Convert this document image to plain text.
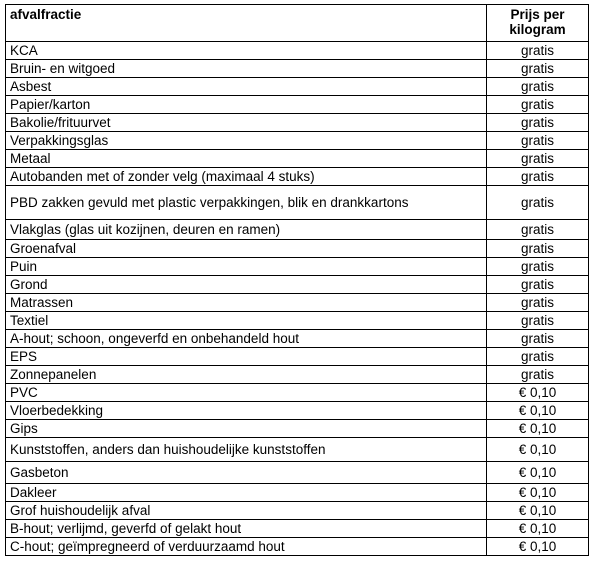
afvalfractie	Prijs per kilogram
KCA	gratis
Bruin- en witgoed	gratis
Asbest	gratis
Papier/karton	gratis
Bakolie/frituurvet	gratis
Verpakkingsglas	gratis
Metaal	gratis
Autobanden met of zonder velg (maximaal 4 stuks)	gratis
PBD zakken gevuld met plastic verpakkingen, blik en drankkartons	gratis
Vlakglas (glas uit kozijnen, deuren en ramen)	gratis
Groenafval	gratis
Puin	gratis
Grond	gratis
Matrassen	gratis
Textiel	gratis
A-hout; schoon, ongeverfd en onbehandeld hout	gratis
EPS	gratis
Zonnepanelen	gratis
PVC	€ 0,10
Vloerbedekking	€ 0,10
Gips	€ 0,10
Kunststoffen, anders dan huishoudelijke kunststoffen	€ 0,10
Gasbeton	€ 0,10
Dakleer	€ 0,10
Grof huishoudelijk afval	€ 0,10
B-hout; verlijmd, geverfd of gelakt hout	€ 0,10
C-hout; geïmpregneerd of verduurzaamd hout	€ 0,10
